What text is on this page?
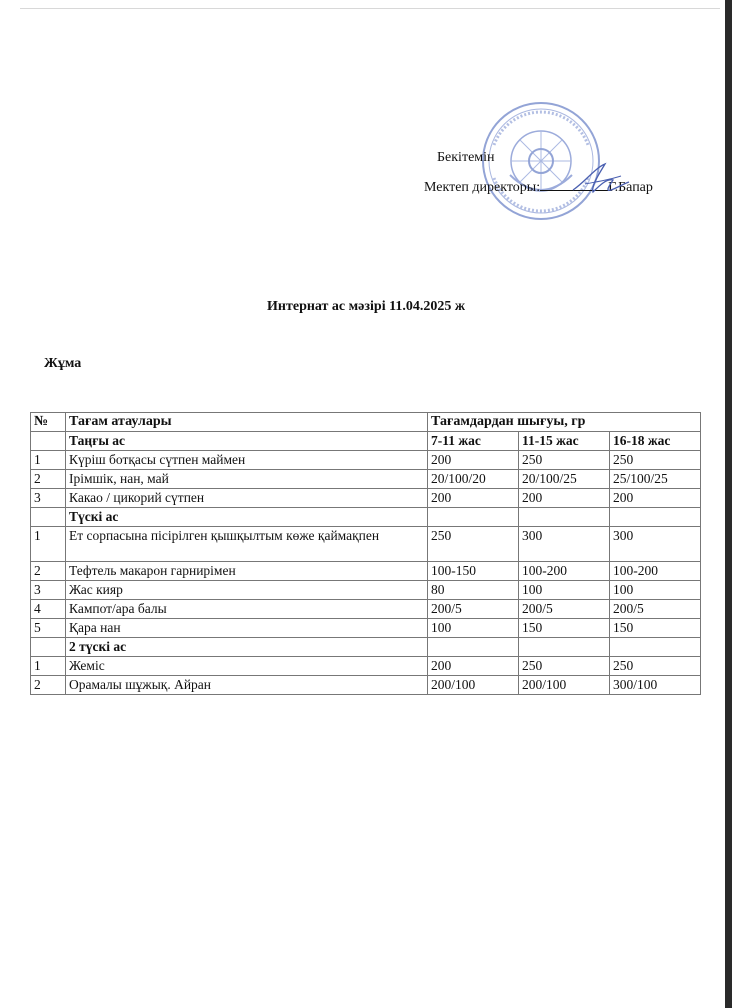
Бекітемін
Мектеп директоры:	Г.Бапар
Интернат ас мәзірі 11.04.2025 ж
Жұма
№	Тағам атаулары	Тағамдардан шығуы, гр		
	Таңғы ас	7-11 жас	11-15 жас	16-18 жас
1	Күріш ботқасы сүтпен маймен	200	250	250
2	Ірімшік, нан, май	20/100/20	20/100/25	25/100/25
3	Какао / цикорий сүтпен	200	200	200
	Түскі ас			
1	Ет сорпасына пісірілген қышқылтым көже қаймақпен	250	300	300
2	Тефтель макарон гарнирімен	100-150	100-200	100-200
3	Жас кияр	80	100	100
4	Кампот/ара балы	200/5	200/5	200/5
5	Қара нан	100	150	150
	2 түскі ас			
1	Жеміс	200	250	250
2	Орамалы шұжық. Айран	200/100	200/100	300/100
